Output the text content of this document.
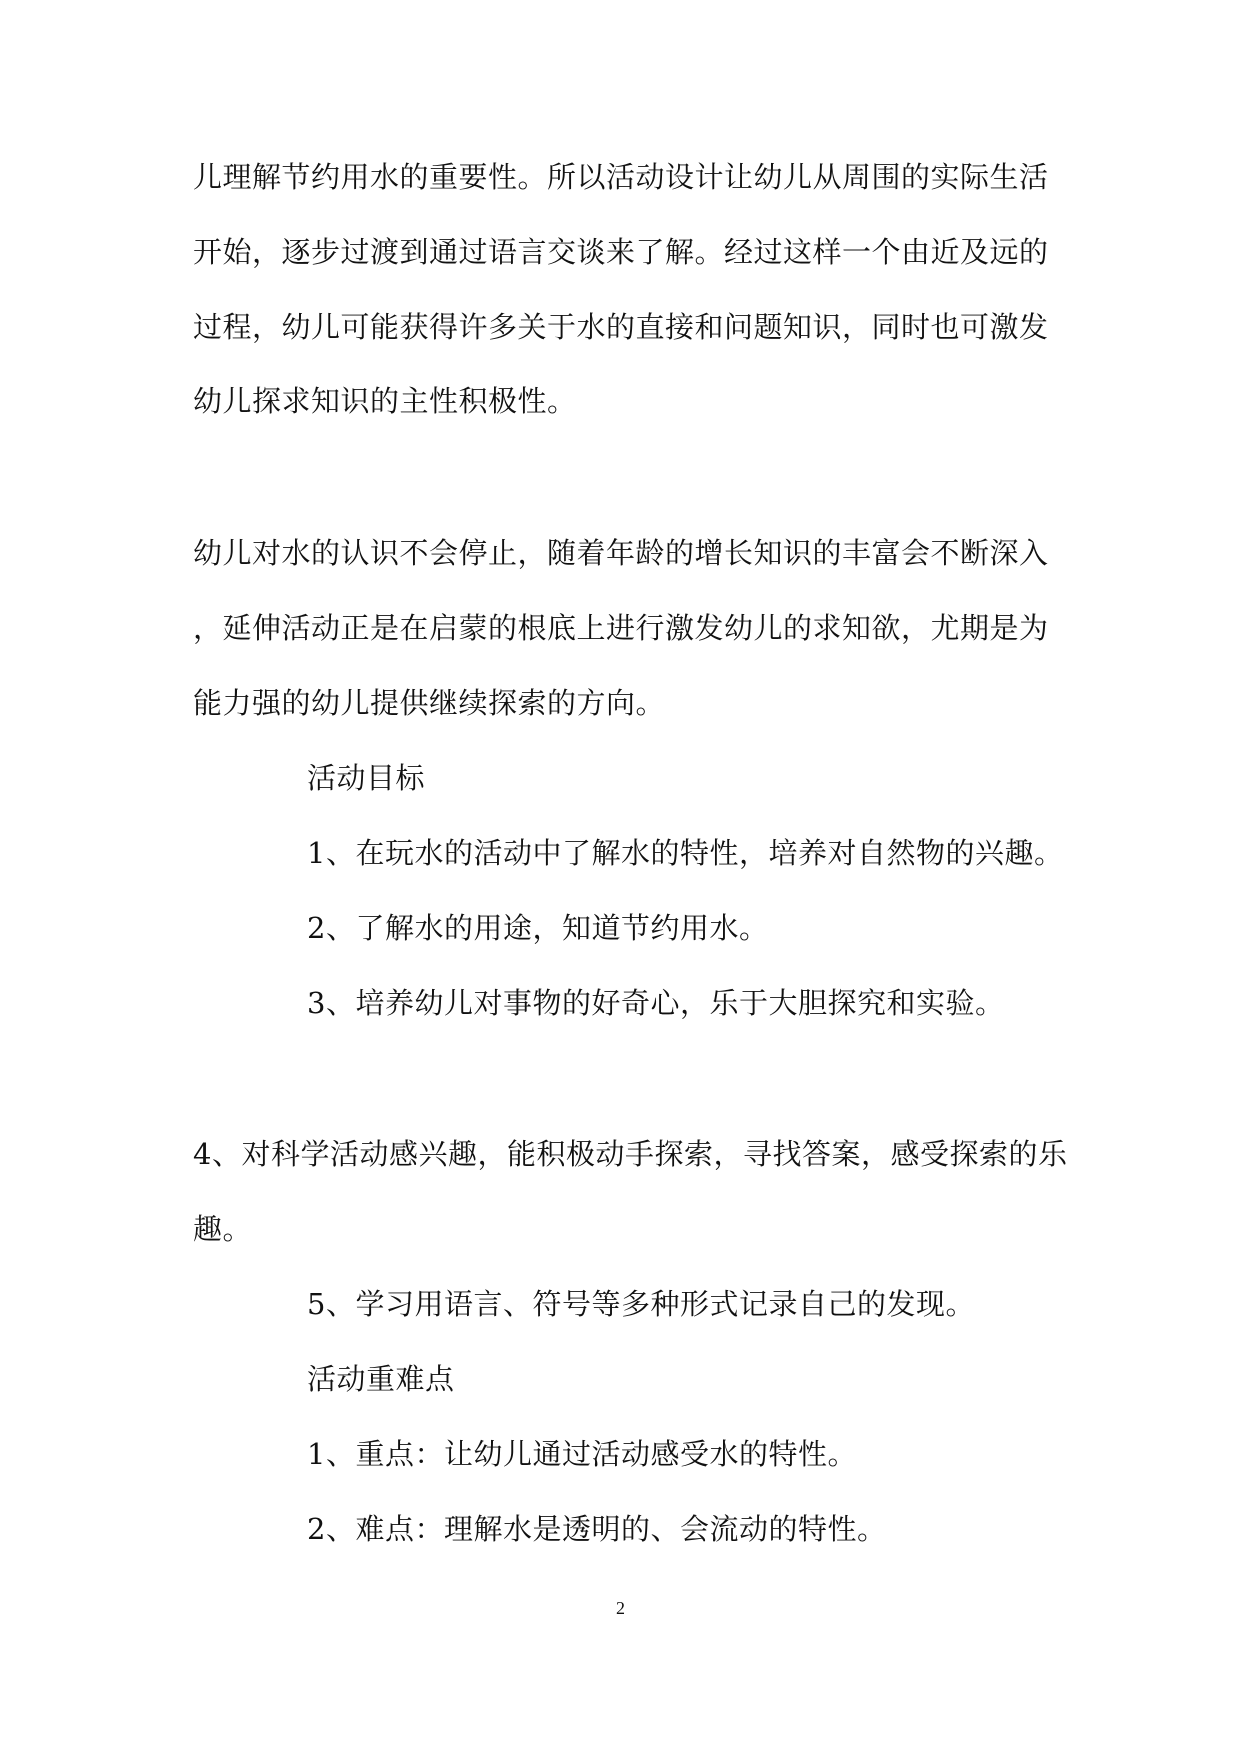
儿理解节约用水的重要性。所以活动设计让幼儿从周围的实际生活
开始，逐步过渡到通过语言交谈来了解。经过这样一个由近及远的
过程，幼儿可能获得许多关于水的直接和问题知识，同时也可激发
幼儿探求知识的主性积极性。
幼儿对水的认识不会停止，随着年龄的增长知识的丰富会不断深入
，延伸活动正是在启蒙的根底上进行激发幼儿的求知欲，尤期是为
能力强的幼儿提供继续探索的方向。
活动目标
1、在玩水的活动中了解水的特性，培养对自然物的兴趣。
2、了解水的用途，知道节约用水。
3、培养幼儿对事物的好奇心，乐于大胆探究和实验。
4、对科学活动感兴趣，能积极动手探索，寻找答案，感受探索的乐
趣。
5、学习用语言、符号等多种形式记录自己的发现。
活动重难点
1、重点：让幼儿通过活动感受水的特性。
2、难点：理解水是透明的、会流动的特性。
2
